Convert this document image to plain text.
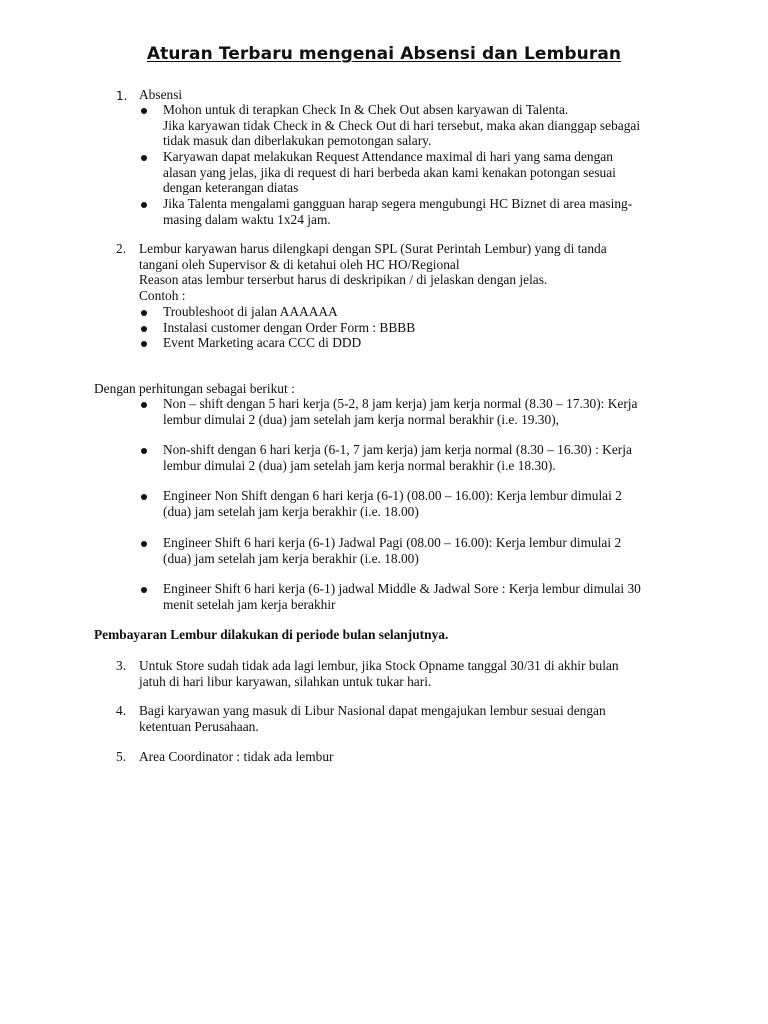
Aturan Terbaru mengenai Absensi dan Lemburan
1. Absensi
Mohon untuk di terapkan Check In & Chek Out absen karyawan di Talenta.
Jika karyawan tidak Check in & Check Out di hari tersebut, maka akan dianggap sebagai
tidak masuk dan diberlakukan pemotongan salary.
Karyawan dapat melakukan Request Attendance maximal di hari yang sama dengan
alasan yang jelas, jika di request di hari berbeda akan kami kenakan potongan sesuai
dengan keterangan diatas
Jika Talenta mengalami gangguan harap segera mengubungi HC Biznet di area masing-
masing dalam waktu 1x24 jam.
2. Lembur karyawan harus dilengkapi dengan SPL (Surat Perintah Lembur) yang di tanda
tangani oleh Supervisor & di ketahui oleh HC HO/Regional
Reason atas lembur terserbut harus di deskripikan / di jelaskan dengan jelas.
Contoh :
Troubleshoot di jalan AAAAAA
Instalasi customer dengan Order Form : BBBB
Event Marketing acara CCC di DDD
Dengan perhitungan sebagai berikut :
Non – shift dengan 5 hari kerja (5-2, 8 jam kerja) jam kerja normal (8.30 – 17.30): Kerja
lembur dimulai 2 (dua) jam setelah jam kerja normal berakhir (i.e. 19.30),
Non-shift dengan 6 hari kerja (6-1, 7 jam kerja) jam kerja normal (8.30 – 16.30) : Kerja
lembur dimulai 2 (dua) jam setelah jam kerja normal berakhir (i.e 18.30).
Engineer Non Shift dengan 6 hari kerja (6-1) (08.00 – 16.00): Kerja lembur dimulai 2
(dua) jam setelah jam kerja berakhir (i.e. 18.00)
Engineer Shift 6 hari kerja (6-1) Jadwal Pagi (08.00 – 16.00): Kerja lembur dimulai 2
(dua) jam setelah jam kerja berakhir (i.e. 18.00)
Engineer Shift 6 hari kerja (6-1) jadwal Middle & Jadwal Sore : Kerja lembur dimulai 30
menit setelah jam kerja berakhir
Pembayaran Lembur dilakukan di periode bulan selanjutnya.
3. Untuk Store sudah tidak ada lagi lembur, jika Stock Opname tanggal 30/31 di akhir bulan
jatuh di hari libur karyawan, silahkan untuk tukar hari.
4. Bagi karyawan yang masuk di Libur Nasional dapat mengajukan lembur sesuai dengan
ketentuan Perusahaan.
5. Area Coordinator : tidak ada lembur
